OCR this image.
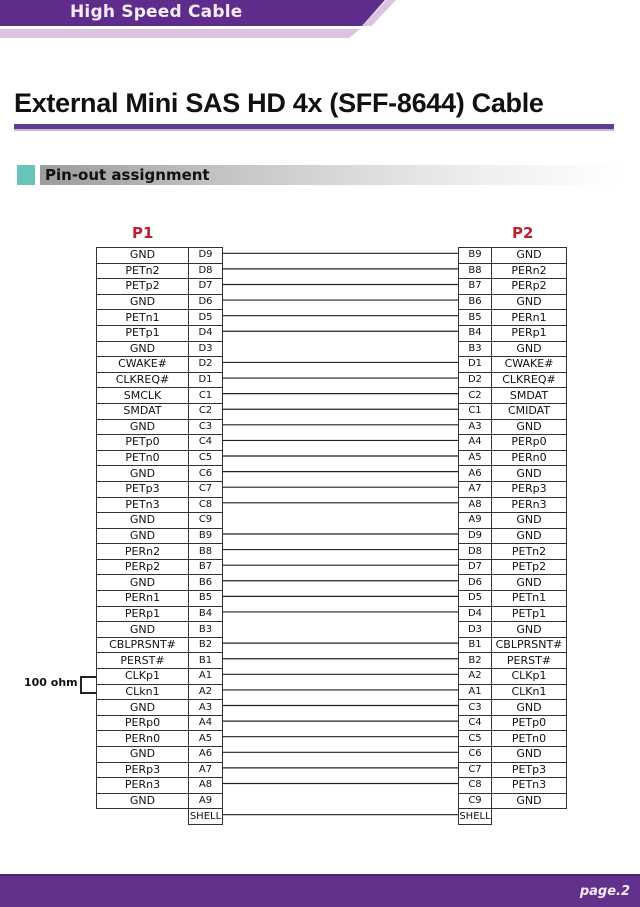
High Speed Cable
External Mini SAS HD 4x (SFF-8644) Cable
Pin-out assignment
P1	P2
GND	D9
PETn2	D8
PETp2	D7
GND	D6
PETn1	D5
PETp1	D4
GND	D3
CWAKE#	D2
CLKREQ#	D1
SMCLK	C1
SMDAT	C2
GND	C3
PETp0	C4
PETn0	C5
GND	C6
PETp3	C7
PETn3	C8
GND	C9
GND	B9
PERn2	B8
PERp2	B7
GND	B6
PERn1	B5
PERp1	B4
GND	B3
CBLPRSNT#	B2
PERST#	B1
CLKp1	A1
CLkn1	A2
GND	A3
PERp0	A4
PERn0	A5
GND	A6
PERp3	A7
PERn3	A8
GND	A9
	SHELL
B9	GND
B8	PERn2
B7	PERp2
B6	GND
B5	PERn1
B4	PERp1
B3	GND
D1	CWAKE#
D2	CLKREQ#
C2	SMDAT
C1	CMIDAT
A3	GND
A4	PERp0
A5	PERn0
A6	GND
A7	PERp3
A8	PERn3
A9	GND
D9	GND
D8	PETn2
D7	PETp2
D6	GND
D5	PETn1
D4	PETp1
D3	GND
B1	CBLPRSNT#
B2	PERST#
A2	CLKp1
A1	CLKn1
C3	GND
C4	PETp0
C5	PETn0
C6	GND
C7	PETp3
C8	PETn3
C9	GND
SHELL	
100 ohm
page.2
